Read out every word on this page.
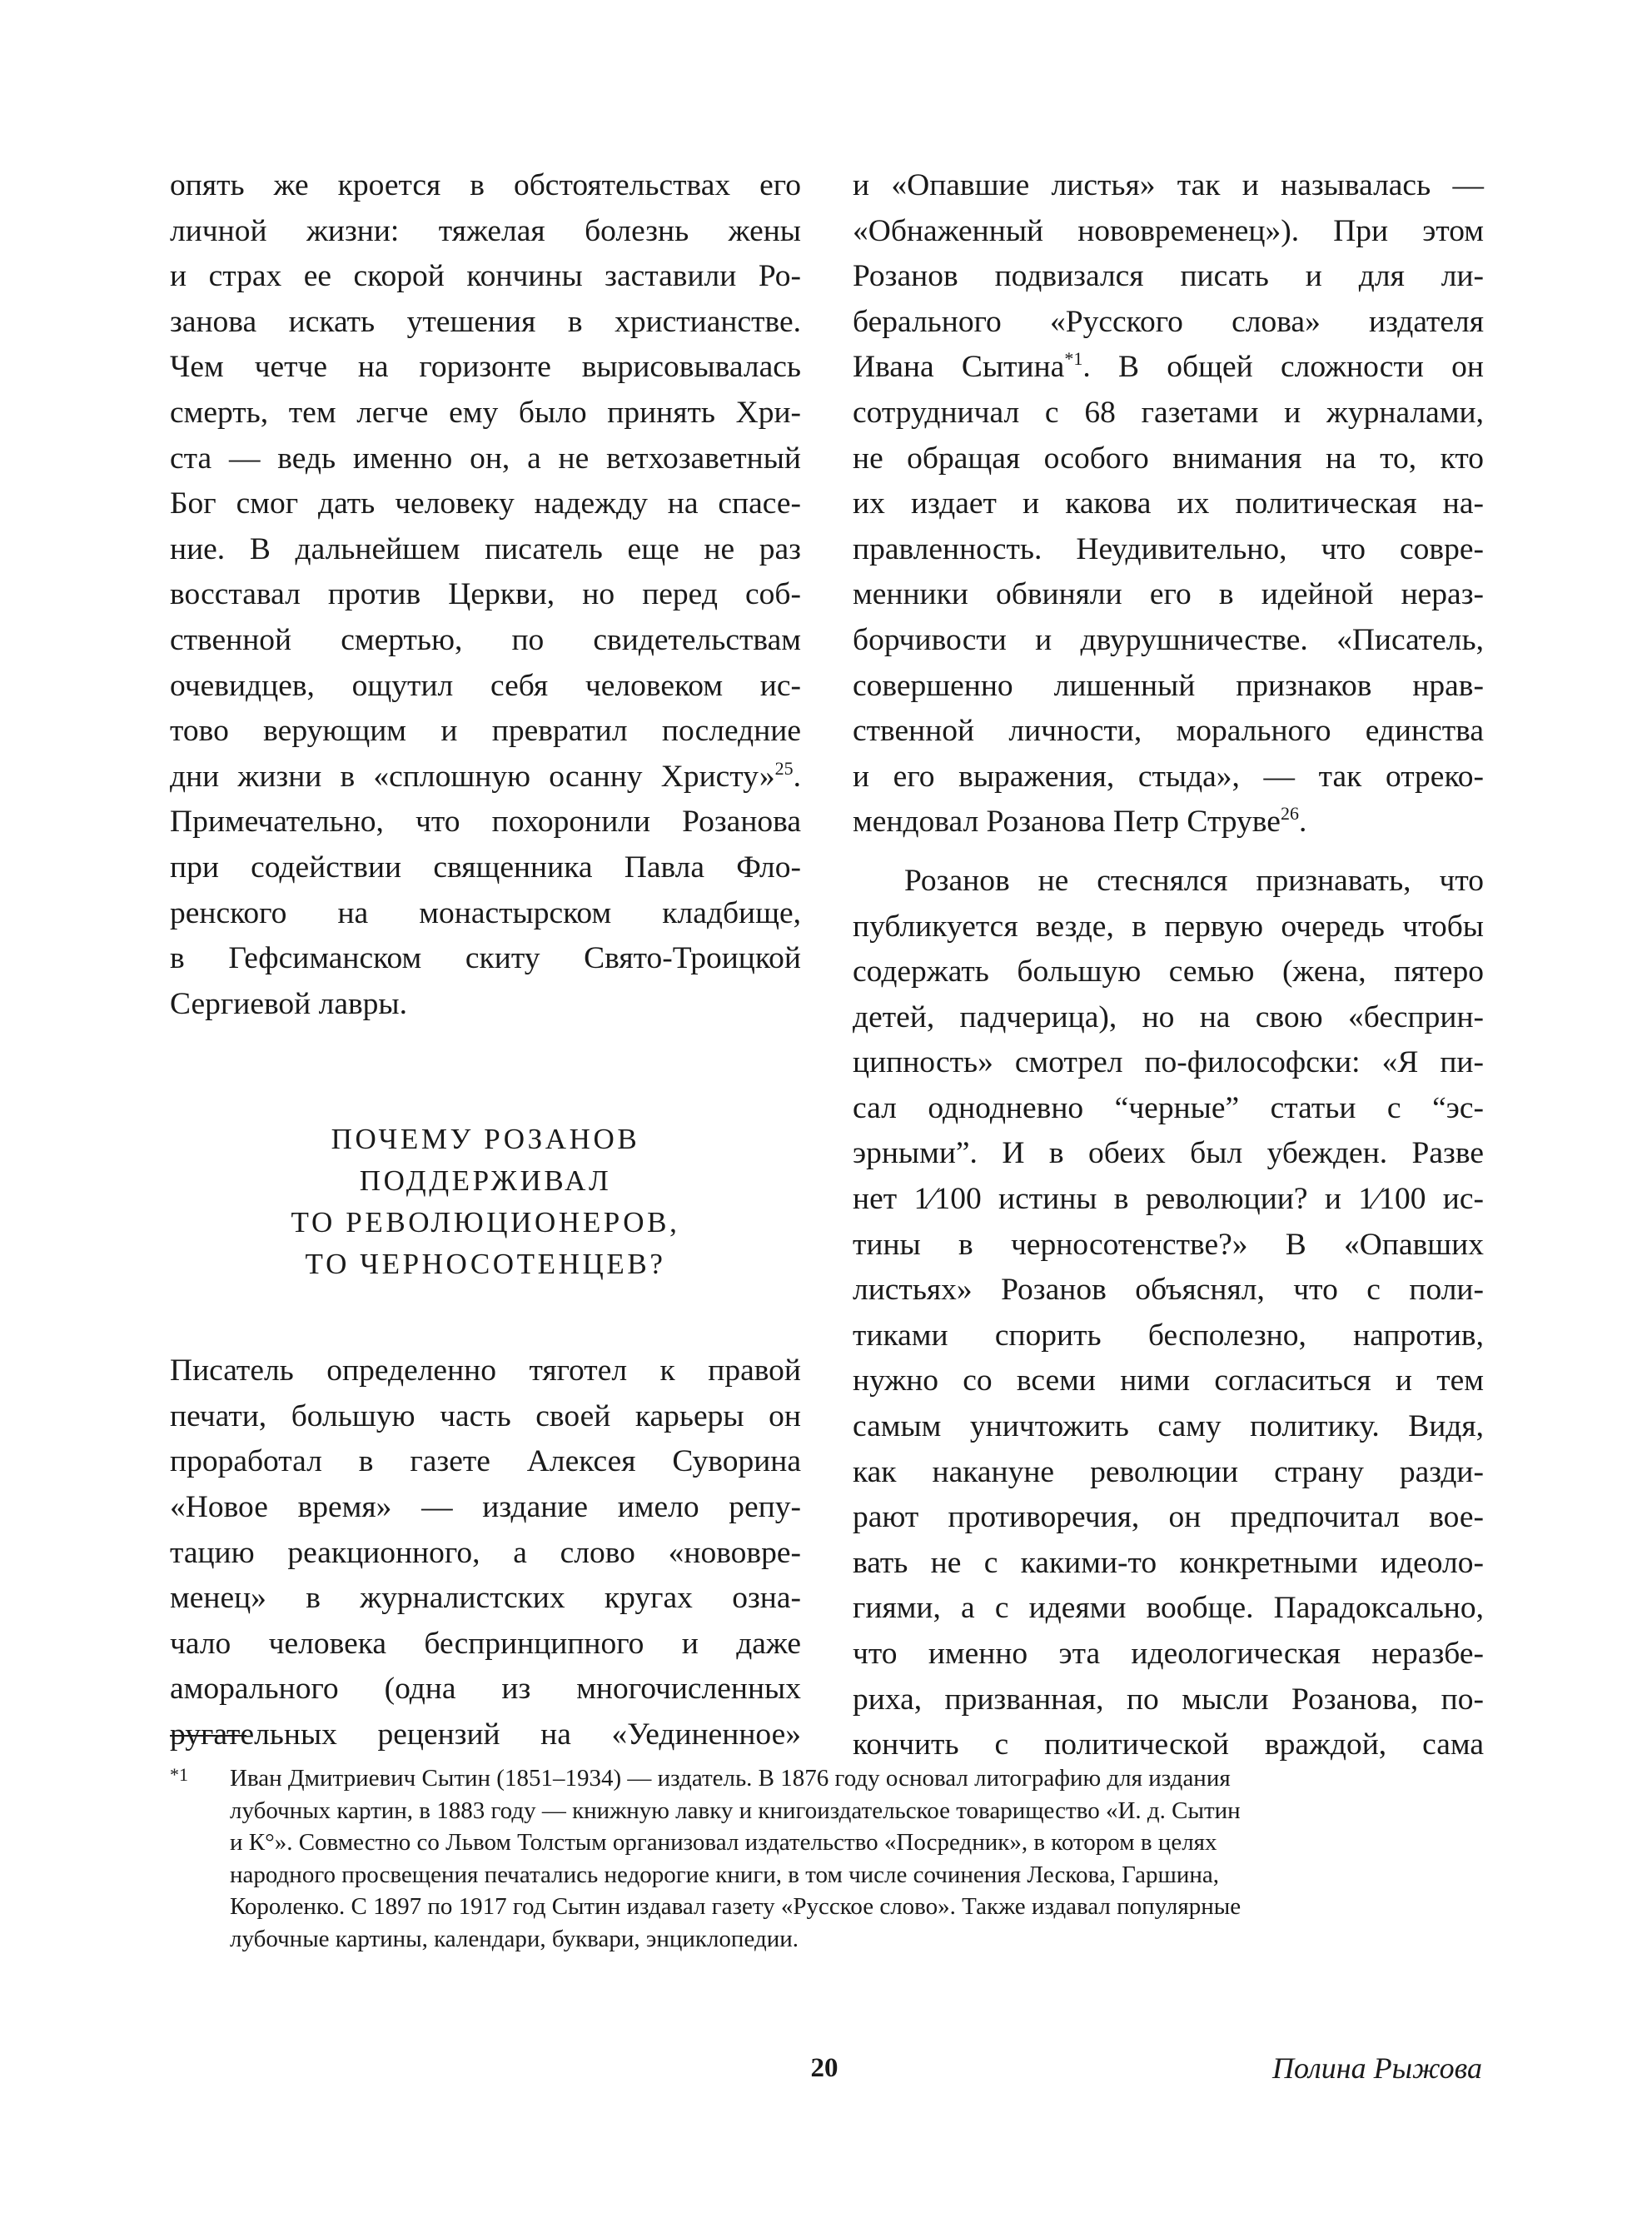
опять же кроется в обстоятельствах его
личной жизни: тяжелая болезнь жены
и страх ее скорой кончины заставили Ро-
занова искать утешения в христианстве.
Чем четче на горизонте вырисовывалась
смерть, тем легче ему было принять Хри-
ста — ведь именно он, а не ветхозаветный
Бог смог дать человеку надежду на спасе-
ние. В дальнейшем писатель еще не раз
восставал против Церкви, но перед соб-
ственной смертью, по свидетельствам
очевидцев, ощутил себя человеком ис-
тово верующим и превратил последние
дни жизни в «сплошную осанну Христу»$^{25}$.
Примечательно, что похоронили Розанова
при содействии священника Павла Фло-
ренского на монастырском кладбище,
в Гефсиманском скиту Свято-Троицкой
Сергиевой лавры.

ПОЧЕМУ РОЗАНОВ
ПОДДЕРЖИВАЛ
ТО РЕВОЛЮЦИОНЕРОВ,
ТО ЧЕРНОСОТЕНЦЕВ?

Писатель определенно тяготел к правой
печати, большую часть своей карьеры он
проработал в газете Алексея Суворина
«Новое время» — издание имело репу-
тацию реакционного, а слово «нововре-
менец» в журналистских кругах озна-
чало человека беспринципного и даже
аморального (одна из многочисленных
ругательных рецензий на «Уединенное»

и «Опавшие листья» так и называлась —
«Обнаженный нововременец»). При этом
Розанов подвизался писать и для ли-
берального «Русского слова» издателя
Ивана Сытина$^{*1}$. В общей сложности он
сотрудничал с 68 газетами и журналами,
не обращая особого внимания на то, кто
их издает и какова их политическая на-
правленность. Неудивительно, что совре-
менники обвиняли его в идейной нераз-
борчивости и двурушничестве. «Писатель,
совершенно лишенный признаков нрав-
ственной личности, морального единства
и его выражения, стыда», — так отреко-
мендовал Розанова Петр Струве$^{26}$.

Розанов не стеснялся признавать, что
публикуется везде, в первую очередь чтобы
содержать большую семью (жена, пятеро
детей, падчерица), но на свою «бесприн-
ципность» смотрел по-философски: «Я пи-
сал однодневно “черные” статьи с “эс-
эрными”. И в обеих был убежден. Разве
нет 1⁄100 истины в революции? и 1⁄100 ис-
тины в черносотенстве?» В «Опавших
листьях» Розанов объяснял, что с поли-
тиками спорить бесполезно, напротив,
нужно со всеми ними согласиться и тем
самым уничтожить саму политику. Видя,
как накануне революции страну разди-
рают противоречия, он предпочитал вое-
вать не с какими-то конкретными идеоло-
гиями, а с идеями вообще. Парадоксально,
что именно эта идеологическая неразбе-
риха, призванная, по мысли Розанова, по-
кончить с политической враждой, сама

*1 Иван Дмитриевич Сытин (1851–1934) — издатель. В 1876 году основал литографию для издания
лубочных картин, в 1883 году — книжную лавку и книгоиздательское товарищество «И. д. Сытин
и К°». Совместно со Львом Толстым организовал издательство «Посредник», в котором в целях
народного просвещения печатались недорогие книги, в том числе сочинения Лескова, Гаршина,
Короленко. С 1897 по 1917 год Сытин издавал газету «Русское слово». Также издавал популярные
лубочные картины, календари, буквари, энциклопедии.
20	Полина Рыжова
